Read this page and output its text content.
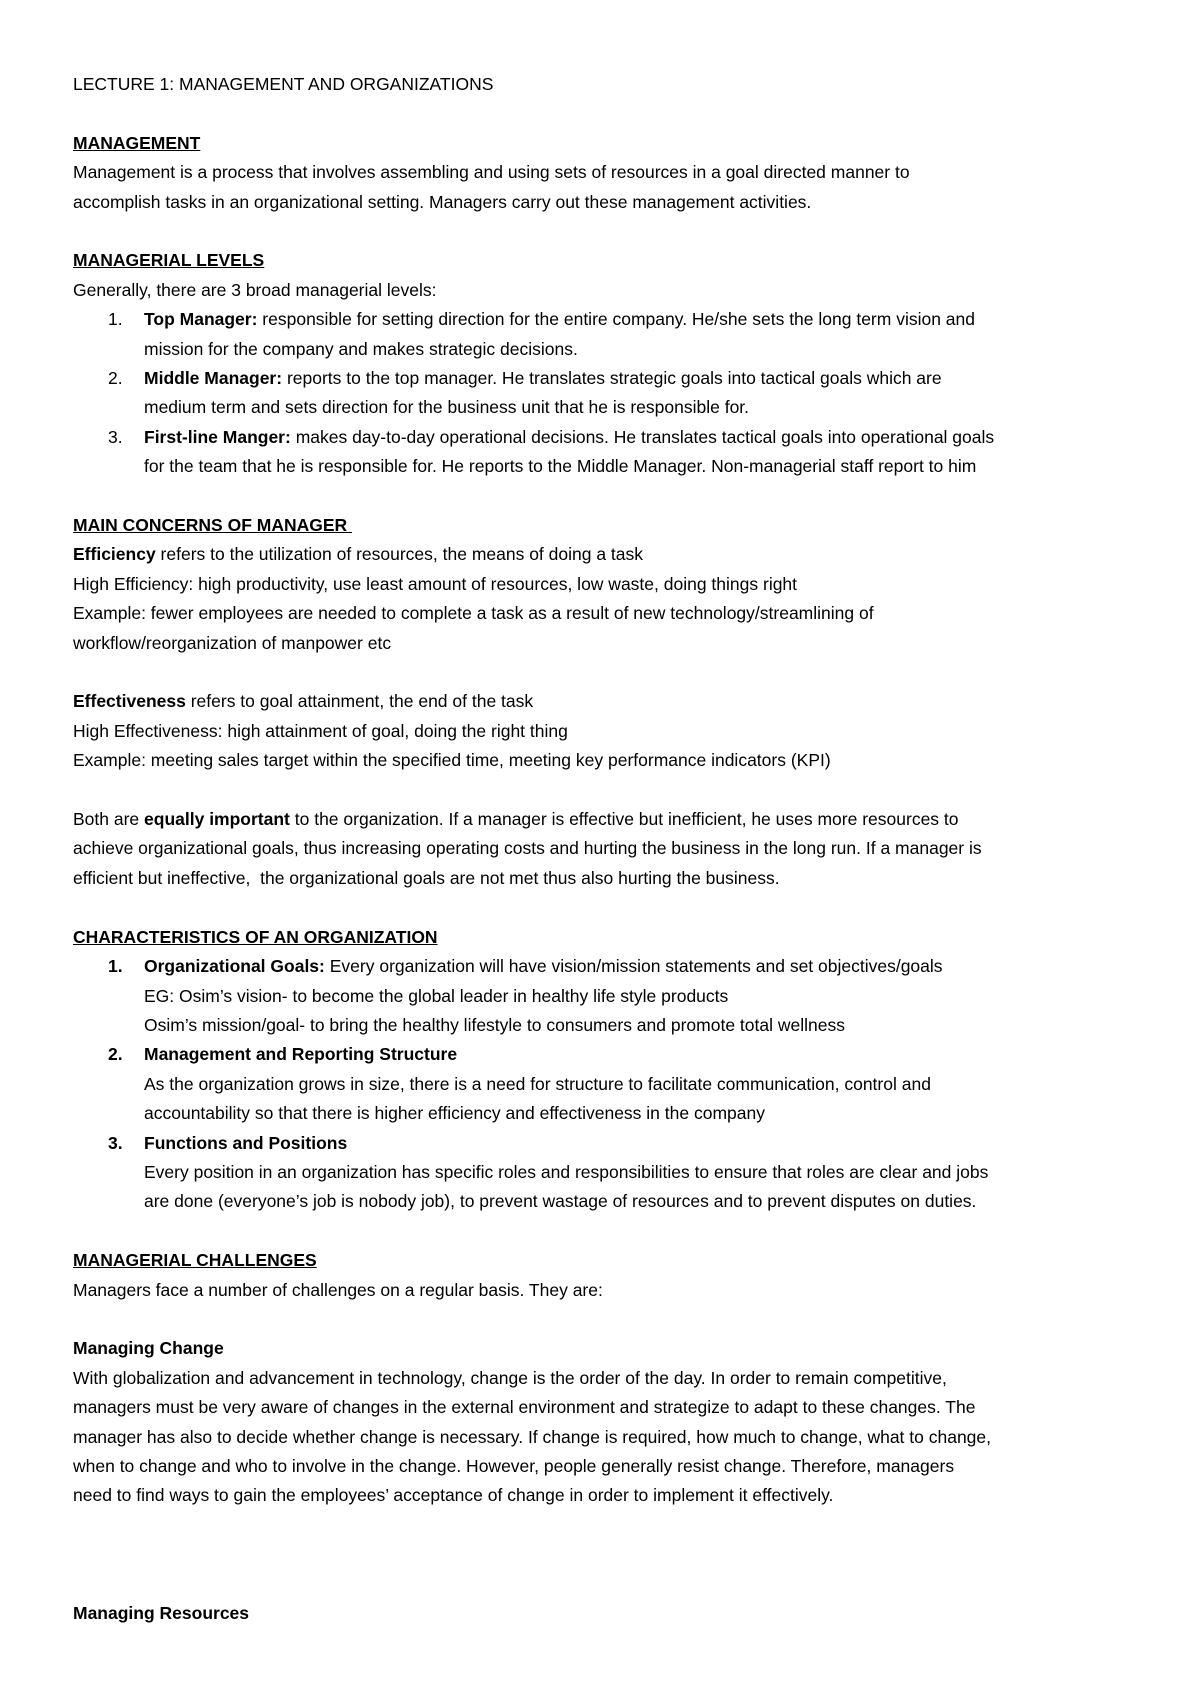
LECTURE 1: MANAGEMENT AND ORGANIZATIONS
MANAGEMENT
Management is a process that involves assembling and using sets of resources in a goal directed manner to
accomplish tasks in an organizational setting. Managers carry out these management activities.
MANAGERIAL LEVELS
Generally, there are 3 broad managerial levels:
1. Top Manager: responsible for setting direction for the entire company. He/she sets the long term vision and
mission for the company and makes strategic decisions.
2. Middle Manager: reports to the top manager. He translates strategic goals into tactical goals which are
medium term and sets direction for the business unit that he is responsible for.
3. First-line Manger: makes day-to-day operational decisions. He translates tactical goals into operational goals
for the team that he is responsible for. He reports to the Middle Manager. Non-managerial staff report to him
MAIN CONCERNS OF MANAGER
Efficiency refers to the utilization of resources, the means of doing a task
High Efficiency: high productivity, use least amount of resources, low waste, doing things right
Example: fewer employees are needed to complete a task as a result of new technology/streamlining of
workflow/reorganization of manpower etc
Effectiveness refers to goal attainment, the end of the task
High Effectiveness: high attainment of goal, doing the right thing
Example: meeting sales target within the specified time, meeting key performance indicators (KPI)
Both are equally important to the organization. If a manager is effective but inefficient, he uses more resources to
achieve organizational goals, thus increasing operating costs and hurting the business in the long run. If a manager is
efficient but ineffective,  the organizational goals are not met thus also hurting the business.
CHARACTERISTICS OF AN ORGANIZATION
1. Organizational Goals: Every organization will have vision/mission statements and set objectives/goals
EG: Osim’s vision- to become the global leader in healthy life style products
Osim’s mission/goal- to bring the healthy lifestyle to consumers and promote total wellness
2. Management and Reporting Structure
As the organization grows in size, there is a need for structure to facilitate communication, control and
accountability so that there is higher efficiency and effectiveness in the company
3. Functions and Positions
Every position in an organization has specific roles and responsibilities to ensure that roles are clear and jobs
are done (everyone’s job is nobody job), to prevent wastage of resources and to prevent disputes on duties.
MANAGERIAL CHALLENGES
Managers face a number of challenges on a regular basis. They are:
Managing Change
With globalization and advancement in technology, change is the order of the day. In order to remain competitive,
managers must be very aware of changes in the external environment and strategize to adapt to these changes. The
manager has also to decide whether change is necessary. If change is required, how much to change, what to change,
when to change and who to involve in the change. However, people generally resist change. Therefore, managers
need to find ways to gain the employees’ acceptance of change in order to implement it effectively.
Managing Resources
